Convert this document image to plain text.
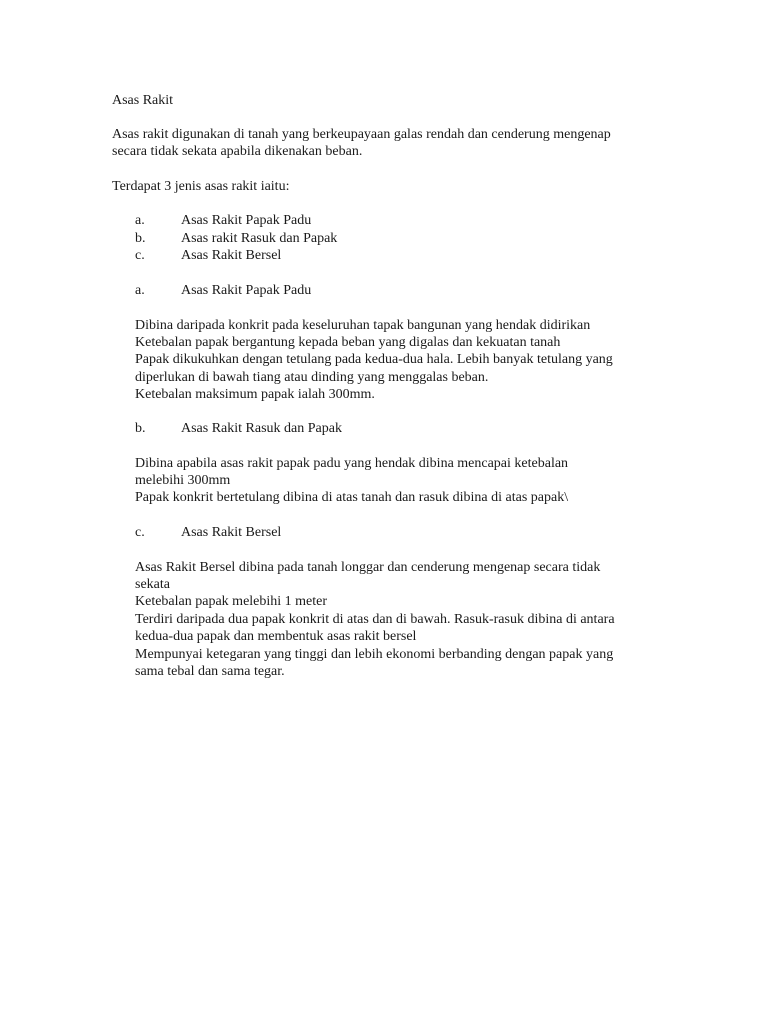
Asas Rakit
Asas rakit digunakan di tanah yang berkeupayaan galas rendah dan cenderung mengenap
secara tidak sekata apabila dikenakan beban.
Terdapat 3 jenis asas rakit iaitu:
a.	Asas Rakit Papak Padu
b.	Asas rakit Rasuk dan Papak
c.	Asas Rakit Bersel
a.	Asas Rakit Papak Padu
Dibina daripada konkrit pada keseluruhan tapak bangunan yang hendak didirikan
Ketebalan papak bergantung kepada beban yang digalas dan kekuatan tanah
Papak dikukuhkan dengan tetulang pada kedua-dua hala. Lebih banyak tetulang yang
diperlukan di bawah tiang atau dinding yang menggalas beban.
Ketebalan maksimum papak ialah 300mm.
b.	Asas Rakit Rasuk dan Papak
Dibina apabila asas rakit papak padu yang hendak dibina mencapai ketebalan
melebihi 300mm
Papak konkrit bertetulang dibina di atas tanah dan rasuk dibina di atas papak\
c.	Asas Rakit Bersel
Asas Rakit Bersel dibina pada tanah longgar dan cenderung mengenap secara tidak
sekata
Ketebalan papak melebihi 1 meter
Terdiri daripada dua papak konkrit di atas dan di bawah. Rasuk-rasuk dibina di antara
kedua-dua papak dan membentuk asas rakit bersel
Mempunyai ketegaran yang tinggi dan lebih ekonomi berbanding dengan papak yang
sama tebal dan sama tegar.
